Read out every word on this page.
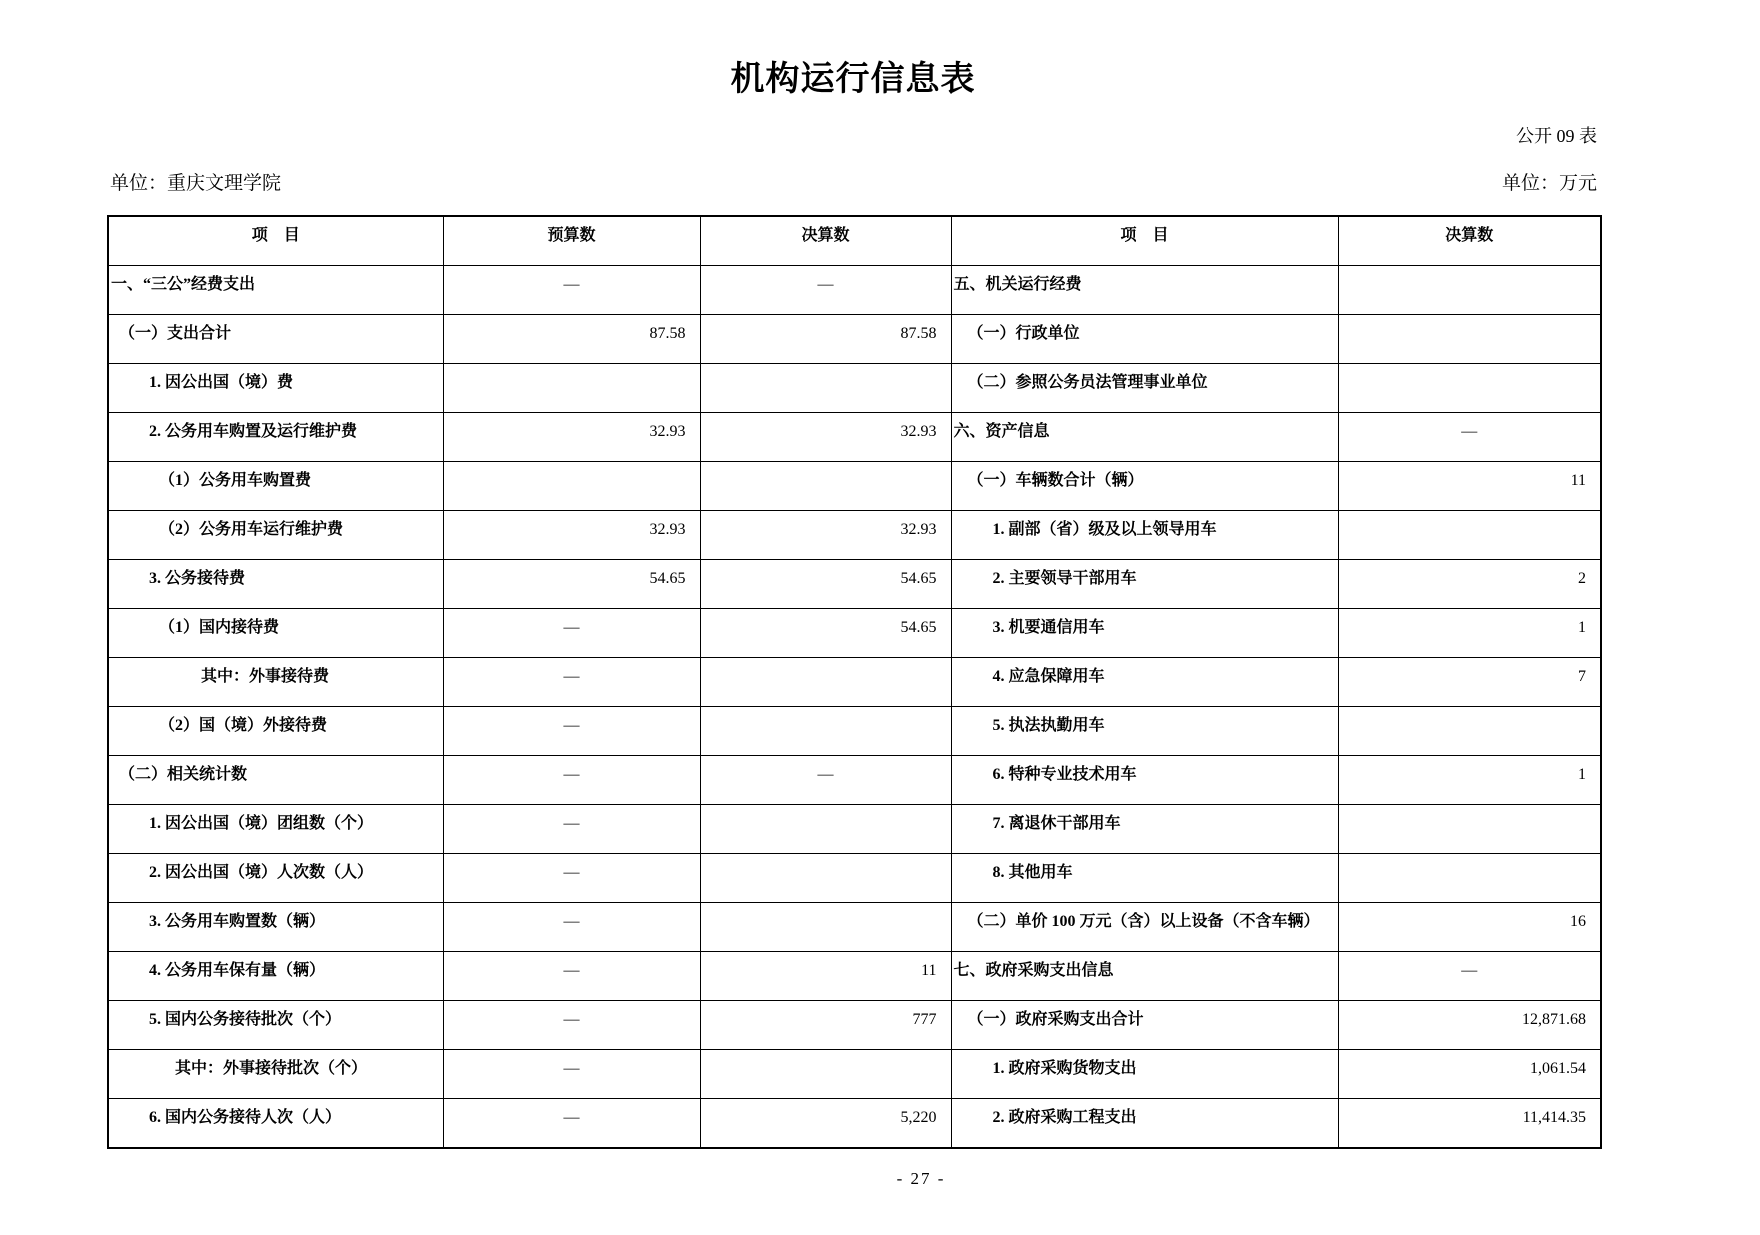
机构运行信息表
公开 09 表
单位：重庆文理学院	单位：万元
项　目	预算数	决算数	项　目	决算数
一、“三公”经费支出	—	—	五、机关运行经费	
（一）支出合计	87.58	87.58	（一）行政单位	
1. 因公出国（境）费			（二）参照公务员法管理事业单位	
2. 公务用车购置及运行维护费	32.93	32.93	六、资产信息	—
（1）公务用车购置费			（一）车辆数合计（辆）	11
（2）公务用车运行维护费	32.93	32.93	1. 副部（省）级及以上领导用车	
3. 公务接待费	54.65	54.65	2. 主要领导干部用车	2
（1）国内接待费	—	54.65	3. 机要通信用车	1
其中：外事接待费	—		4. 应急保障用车	7
（2）国（境）外接待费	—		5. 执法执勤用车	
（二）相关统计数	—	—	6. 特种专业技术用车	1
1. 因公出国（境）团组数（个）	—		7. 离退休干部用车	
2. 因公出国（境）人次数（人）	—		8. 其他用车	
3. 公务用车购置数（辆）	—		（二）单价 100 万元（含）以上设备（不含车辆）	16
4. 公务用车保有量（辆）	—	11	七、政府采购支出信息	—
5. 国内公务接待批次（个）	—	777	（一）政府采购支出合计	12,871.68
其中：外事接待批次（个）	—		1. 政府采购货物支出	1,061.54
6. 国内公务接待人次（人）	—	5,220	2. 政府采购工程支出	11,414.35
- 27 -
